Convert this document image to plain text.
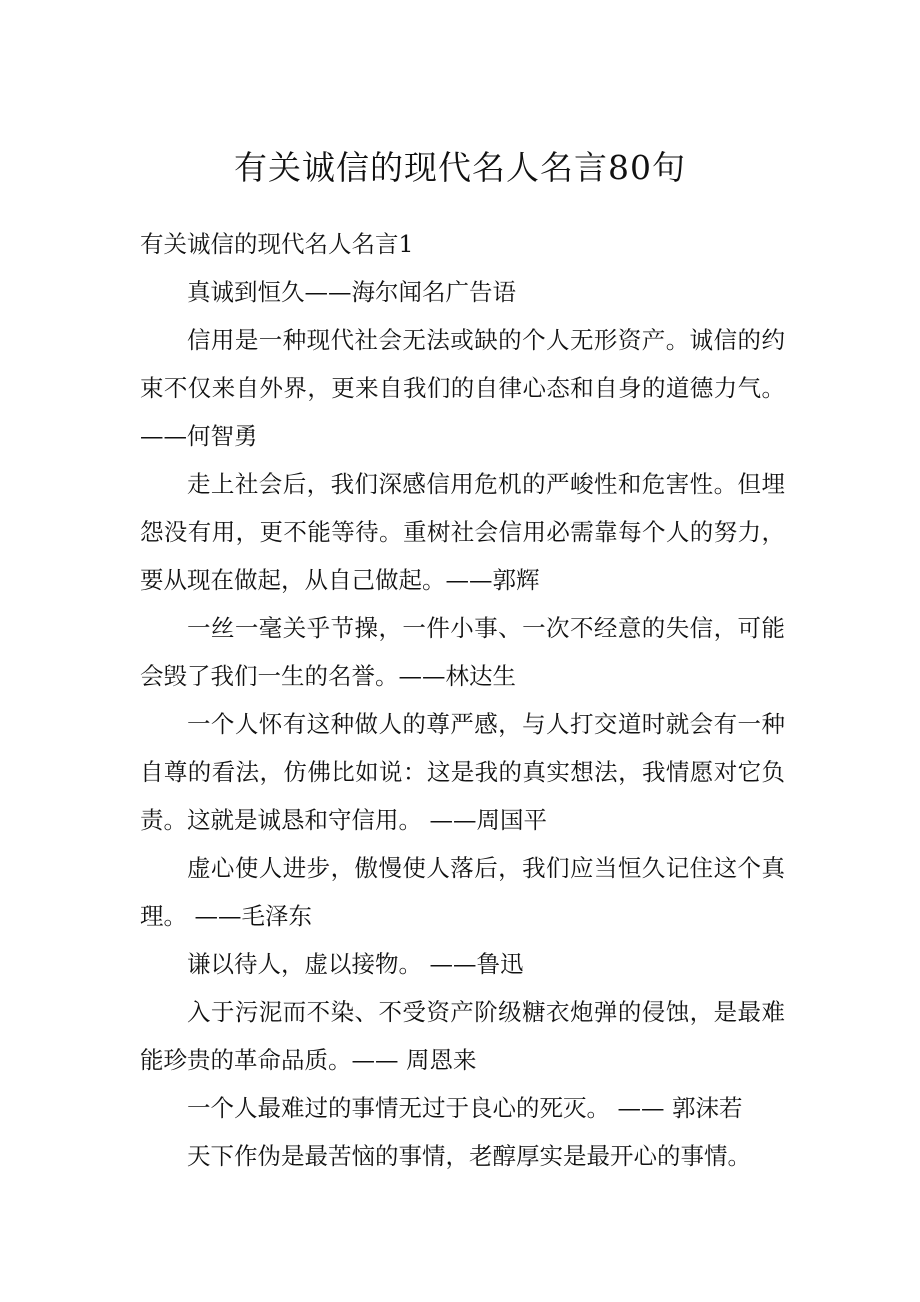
有关诚信的现代名人名言80句
有关诚信的现代名人名言1

真诚到恒久——海尔闻名广告语

信用是一种现代社会无法或缺的个人无形资产。诚信的约束不仅来自外界，更来自我们的自律心态和自身的道德力气。——何智勇

走上社会后，我们深感信用危机的严峻性和危害性。但埋怨没有用，更不能等待。重树社会信用必需靠每个人的努力，要从现在做起，从自己做起。——郭辉

一丝一毫关乎节操，一件小事、一次不经意的失信，可能会毁了我们一生的名誉。——林达生

一个人怀有这种做人的尊严感，与人打交道时就会有一种自尊的看法，仿佛比如说：这是我的真实想法，我情愿对它负责。这就是诚恳和守信用。 ——周国平

虚心使人进步，傲慢使人落后，我们应当恒久记住这个真理。 ——毛泽东

谦以待人，虚以接物。 ——鲁迅

入于污泥而不染、不受资产阶级糖衣炮弹的侵蚀，是最难能珍贵的革命品质。—— 周恩来

一个人最难过的事情无过于良心的死灭。 —— 郭沫若

天下作伪是最苦恼的事情，老醇厚实是最开心的事情。
